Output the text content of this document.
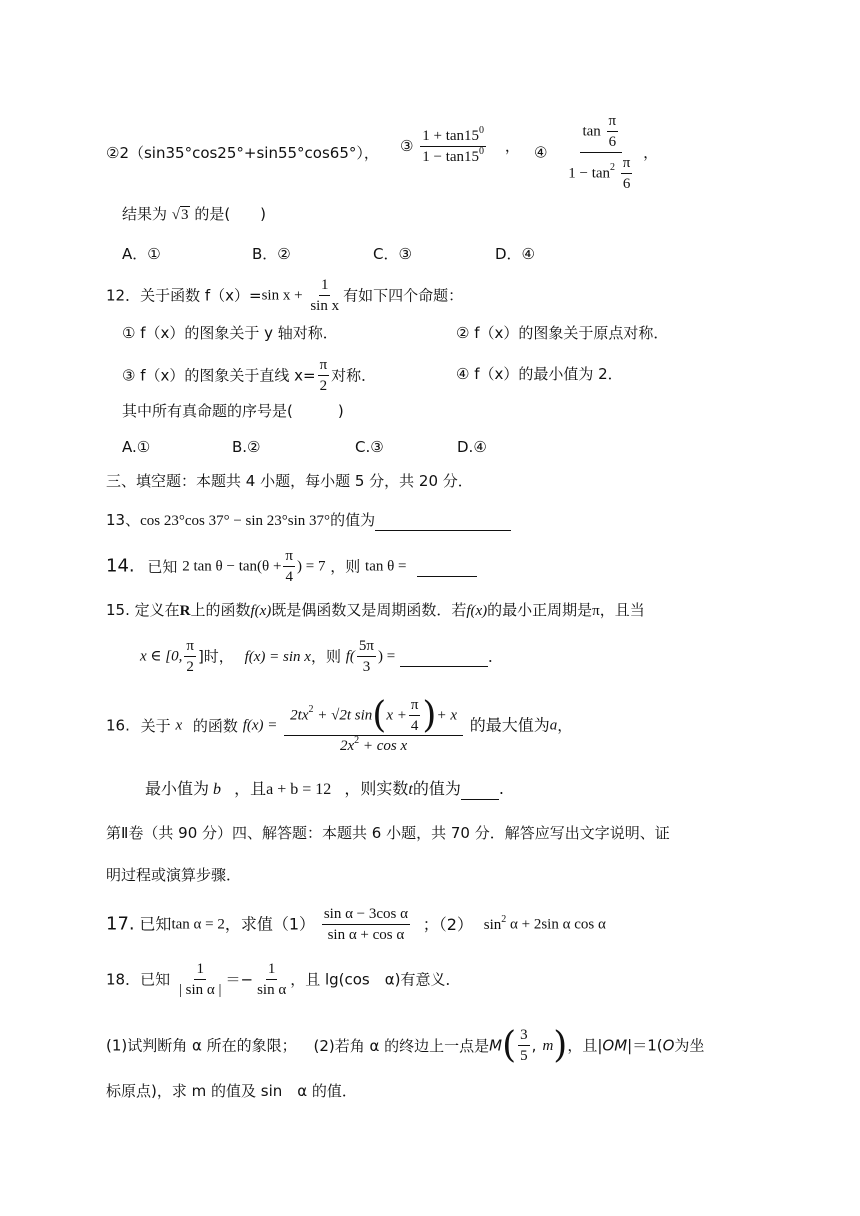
②2（sin35°cos25°+sin55°cos65°）， ③ $\frac{1 + \tan 15^0}{1 - \tan 15^0}$ ， ④ $\frac{\tan \frac{\pi}{6}}{1 - \tan^2 \frac{\pi}{6}}$ ，
结果为 √3 的是(　　)
A．①	B．②	C．③	D．④
12．关于函数 f（x）=sin $x + \frac{1}{\text{sin x}}$ 有如下四个命题：
① f（x）的图象关于 y 轴对称．	② f（x）的图象关于原点对称．
③ f（x）的图象关于直线 $x= \frac{\pi}{2}$ 对称．	④ f（x）的最小值为 2．
其中所有真命题的序号是(　　　)
A.①	B.②	C.③	D.④
三、填空题：本题共 4 小题，每小题 5 分，共 20 分．
13、cos 23°cos 37° − sin 23°sin 37°的值为
14. 已知 2 $\tan \theta - \tan(\theta + \frac{\pi}{4}$ ) = 7 ，则 tan θ =
15. 定义在R上的函数f(x)既是偶函数又是周期函数．若f(x)的最小正周期是π，且当
x ∈ [0, $\frac{\pi}{2}$ ]时， f(x) = sin x，则 $f( \frac{5\pi}{3}$ ) =	．
16. 关于 x 的函数 $f(x) = \frac{2tx^2 + √2t \sin(x + \frac{\pi}{4} )+ x}{2x^2 + \cos x}$ 的最大值为a，
最小值为 b ，且a + b = 12 ，则实数t的值为 .
第Ⅱ卷（共 90 分）四、解答题：本题共 6 小题，共 70 分．解答应写出文字说明、证
明过程或演算步骤．
17. 已知tan α = 2，求值$(1) \frac{\text{sin α − 3cos α}}{\text{sin α + cos α}}$ ；（2） $\sin^2 \alpha + 2\sin$ α cos α
18．已知 $\frac{1}{\text{| sin α |}} =- \frac{1}{\text{sin α}}$ ，且 lg(cos　α)有意义．
(1)试判断角 α 所在的象限； (2)若角 α 的终边上一点是$M( \frac{3}{5}$ , m)，且|OM|＝1(O为坐
标原点)，求 m 的值及 sin　α 的值．
